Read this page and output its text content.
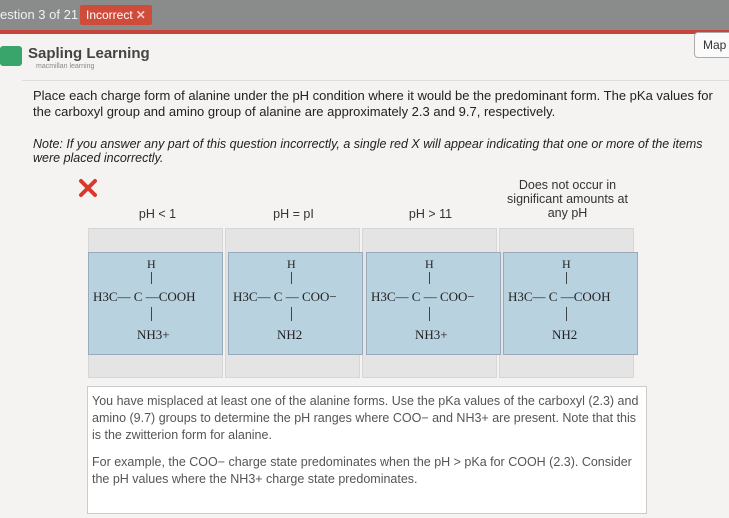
estion 3 of 21 Incorrect ✕
Sapling Learning
macmillan learning
Map
Place each charge form of alanine under the pH condition where it would be the predominant form. The pKa values for the carboxyl group and amino group of alanine are approximately 2.3 and 9.7, respectively.
Note: If you answer any part of this question incorrectly, a single red X will appear indicating that one or more of the items were placed incorrectly.
pH < 1	pH = pI	pH > 11
Does not occur in significant amounts at any pH
H
H3C— C —COOH
NH3+
H
H3C— C — COO−
NH2
H
H3C— C — COO−
NH3+
H
H3C— C —COOH
NH2

You have misplaced at least one of the alanine forms. Use the pKa values of the carboxyl (2.3) and amino (9.7) groups to determine the pH ranges where COO− and NH3+ are present. Note that this is the zwitterion form for alanine.

For example, the COO− charge state predominates when the pH > pKa for COOH (2.3). Consider the pH values where the NH3+ charge state predominates.
